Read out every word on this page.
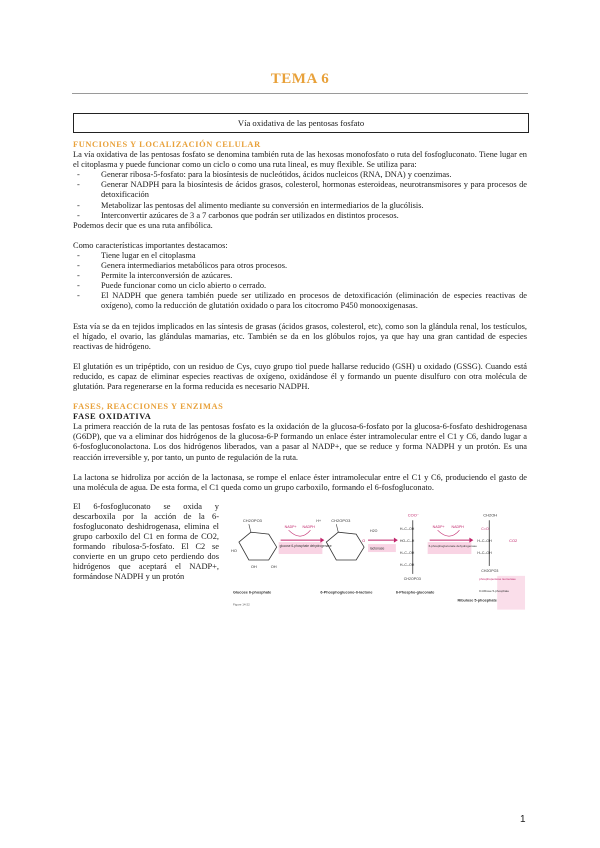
TEMA 6
Vía oxidativa de las pentosas fosfato

FUNCIONES Y LOCALIZACIÓN CELULAR

La vía oxidativa de las pentosas fosfato se denomina también ruta de las hexosas monofosfato o ruta del fosfogluconato. Tiene lugar en el citoplasma y puede funcionar como un ciclo o como una ruta lineal, es muy flexible. Se utiliza para:

- Generar ribosa-5-fosfato: para la biosíntesis de nucleótidos, ácidos nucleicos (RNA, DNA) y coenzimas.
- Generar NADPH para la biosíntesis de ácidos grasos, colesterol, hormonas esteroideas, neurotransmisores y para procesos de detoxificación
- Metabolizar las pentosas del alimento mediante su conversión en intermediarios de la glucólisis.
- Interconvertir azúcares de 3 a 7 carbonos que podrán ser utilizados en distintos procesos.

Podemos decir que es una ruta anfibólica.

Como características importantes destacamos:

- Tiene lugar en el citoplasma
- Genera intermediarios metabólicos para otros procesos.
- Permite la interconversión de azúcares.
- Puede funcionar como un ciclo abierto o cerrado.
- El NADPH que genera también puede ser utilizado en procesos de detoxificación (eliminación de especies reactivas de oxígeno), como la reducción de glutatión oxidado o para los citocromo P450 monooxigenasas.

Esta vía se da en tejidos implicados en las síntesis de grasas (ácidos grasos, colesterol, etc), como son la glándula renal, los testículos, el hígado, el ovario, las glándulas mamarias, etc. También se da en los glóbulos rojos, ya que hay una gran cantidad de especies reactivas de hidrógeno.

El glutatión es un tripéptido, con un residuo de Cys, cuyo grupo tiol puede hallarse reducido (GSH) u oxidado (GSSG). Cuando está reducido, es capaz de eliminar especies reactivas de oxígeno, oxidándose él y formando un puente disulfuro con otra molécula de glutatión. Para regenerarse en la forma reducida es necesario NADPH.

FASES, REACCIONES Y ENZIMAS

FASE OXIDATIVA

La primera reacción de la ruta de las pentosas fosfato es la oxidación de la glucosa-6-fosfato por la glucosa-6-fosfato deshidrogenasa (G6DP), que va a eliminar dos hidrógenos de la glucosa-6-P formando un enlace éster intramolecular entre el C1 y C6, dando lugar a 6-fosfogluconolactona. Los dos hidrógenos liberados, van a pasar al NADP+, que se reduce y forma NADPH y un protón. Es una reacción irreversible y, por tanto, un punto de regulación de la ruta.

La lactona se hidroliza por acción de la lactonasa, se rompe el enlace éster intramolecular entre el C1 y C6, produciendo el gasto de una molécula de agua. De esta forma, el C1 queda como un grupo carboxilo, formando el 6-fosfogluconato.

El 6-fosfogluconato se oxida y descarboxila por la acción de la 6-fosfogluconato deshidrogenasa, elimina el grupo carboxilo del C1 en forma de CO2, formando ribulosa-5-fosfato. El C2 se convierte en un grupo ceto perdiendo dos hidrógenos que aceptará el NADP+, formándose NADPH y un protón

CH2OPO3
HO
OH
OH
glucose 6-phosphate dehydrogenase
NADP+ NADPH
H+	CH2OPO3
O
H2O
lactonase
COO⁻
H–C–OH
HO–C–H
H–C–OH
H–C–OH
CH2OPO3
6-phosphogluconate dehydrogenase
NADP+ NADPH
CH2OH
C=O
H–C–OH
H–C–OH
CH2OPO3
CO2
phosphopentose isomerase
D-Ribose 5-phosphate
Glucose 6-phosphate	6-Phosphoglucono-δ-lactone	6-Phospho-gluconate
Ribulose 5-phosphate
Figure 14-22
1
